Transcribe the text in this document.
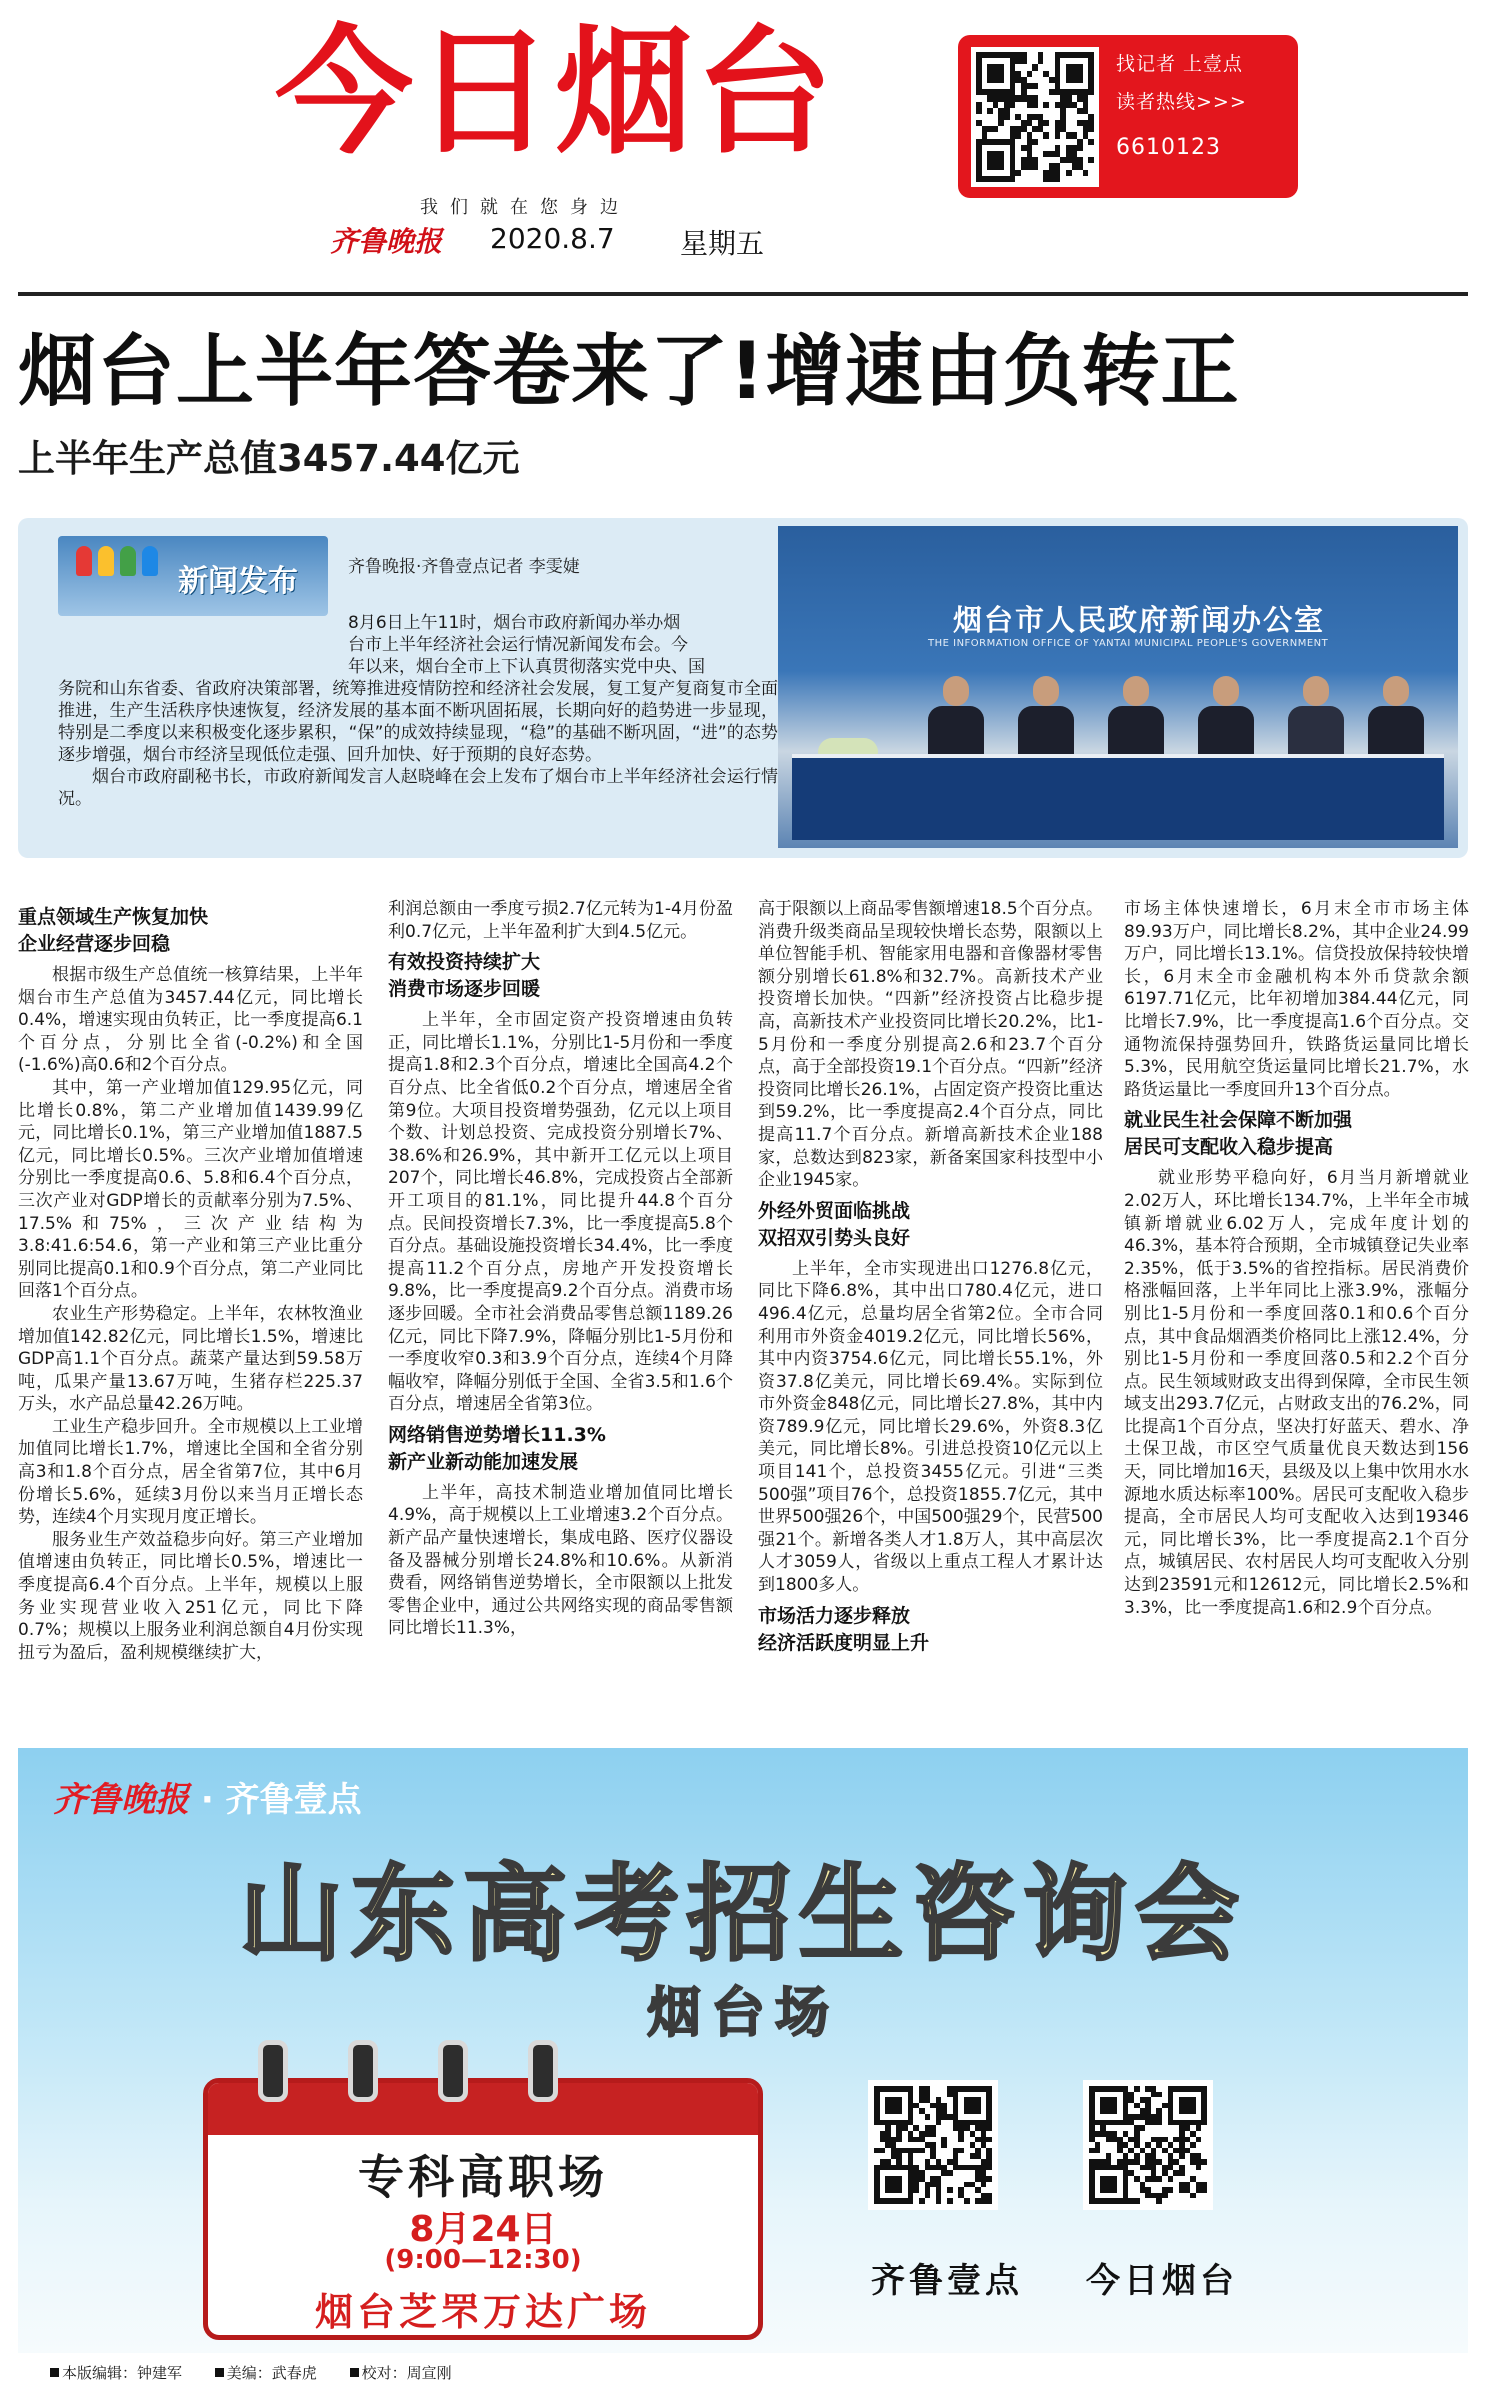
今日烟台
我们就在您身边
齐鲁晚报 2020.8.7 星期五
找记者 上壹点
读者热线>>>
6610123
烟台上半年答卷来了!增速由负转正
上半年生产总值3457.44亿元
新闻发布	齐鲁晚报·齐鲁壹点记者 李雯婕
8月6日上午11时，烟台市政府新闻办举办烟
台市上半年经济社会运行情况新闻发布会。今
年以来，烟台全市上下认真贯彻落实党中央、国
务院和山东省委、省政府决策部署，统筹推进疫情防控和经济社会发展，复工复产复商复市全面推进，生产生活秩序快速恢复，经济发展的基本面不断巩固拓展，长期向好的趋势进一步显现，特别是二季度以来积极变化逐步累积，“保”的成效持续显现，“稳”的基础不断巩固，“进”的态势逐步增强，烟台市经济呈现低位走强、回升加快、好于预期的良好态势。

烟台市政府副秘书长，市政府新闻发言人赵晓峰在会上发布了烟台市上半年经济社会运行情况。

烟台市人民政府新闻办公室
THE INFORMATION OFFICE OF YANTAI MUNICIPAL PEOPLE'S GOVERNMENT
重点领域生产恢复加快
企业经营逐步回稳

根据市级生产总值统一核算结果，上半年烟台市生产总值为3457.44亿元，同比增长0.4%，增速实现由负转正，比一季度提高6.1个百分点，分别比全省(-0.2%)和全国(-1.6%)高0.6和2个百分点。

其中，第一产业增加值129.95亿元，同比增长0.8%，第二产业增加值1439.99亿元，同比增长0.1%，第三产业增加值1887.5亿元，同比增长0.5%。三次产业增加值增速分别比一季度提高0.6、5.8和6.4个百分点，三次产业对GDP增长的贡献率分别为7.5%、17.5%和75%，三次产业结构为3.8:41.6:54.6，第一产业和第三产业比重分别同比提高0.1和0.9个百分点，第二产业同比回落1个百分点。

农业生产形势稳定。上半年，农林牧渔业增加值142.82亿元，同比增长1.5%，增速比GDP高1.1个百分点。蔬菜产量达到59.58万吨，瓜果产量13.67万吨，生猪存栏225.37万头，水产品总量42.26万吨。

工业生产稳步回升。全市规模以上工业增加值同比增长1.7%，增速比全国和全省分别高3和1.8个百分点，居全省第7位，其中6月份增长5.6%，延续3月份以来当月正增长态势，连续4个月实现月度正增长。

服务业生产效益稳步向好。第三产业增加值增速由负转正，同比增长0.5%，增速比一季度提高6.4个百分点。上半年，规模以上服务业实现营业收入251亿元，同比下降0.7%；规模以上服务业利润总额自4月份实现扭亏为盈后，盈利规模继续扩大，

利润总额由一季度亏损2.7亿元转为1-4月份盈利0.7亿元，上半年盈利扩大到4.5亿元。

有效投资持续扩大
消费市场逐步回暖

上半年，全市固定资产投资增速由负转正，同比增长1.1%，分别比1-5月份和一季度提高1.8和2.3个百分点，增速比全国高4.2个百分点、比全省低0.2个百分点，增速居全省第9位。大项目投资增势强劲，亿元以上项目个数、计划总投资、完成投资分别增长7%、38.6%和26.9%，其中新开工亿元以上项目207个，同比增长46.8%，完成投资占全部新开工项目的81.1%，同比提升44.8个百分点。民间投资增长7.3%，比一季度提高5.8个百分点。基础设施投资增长34.4%，比一季度提高11.2个百分点，房地产开发投资增长9.8%，比一季度提高9.2个百分点。消费市场逐步回暖。全市社会消费品零售总额1189.26亿元，同比下降7.9%，降幅分别比1-5月份和一季度收窄0.3和3.9个百分点，连续4个月降幅收窄，降幅分别低于全国、全省3.5和1.6个百分点，增速居全省第3位。

网络销售逆势增长11.3%
新产业新动能加速发展

上半年，高技术制造业增加值同比增长4.9%，高于规模以上工业增速3.2个百分点。新产品产量快速增长，集成电路、医疗仪器设备及器械分别增长24.8%和10.6%。从新消费看，网络销售逆势增长，全市限额以上批发零售企业中，通过公共网络实现的商品零售额同比增长11.3%，

高于限额以上商品零售额增速18.5个百分点。消费升级类商品呈现较快增长态势，限额以上单位智能手机、智能家用电器和音像器材零售额分别增长61.8%和32.7%。高新技术产业投资增长加快。“四新”经济投资占比稳步提高，高新技术产业投资同比增长20.2%，比1-5月份和一季度分别提高2.6和23.7个百分点，高于全部投资19.1个百分点。“四新”经济投资同比增长26.1%，占固定资产投资比重达到59.2%，比一季度提高2.4个百分点，同比提高11.7个百分点。新增高新技术企业188家，总数达到823家，新备案国家科技型中小企业1945家。

外经外贸面临挑战
双招双引势头良好

上半年，全市实现进出口1276.8亿元，同比下降6.8%，其中出口780.4亿元，进口496.4亿元，总量均居全省第2位。全市合同利用市外资金4019.2亿元，同比增长56%，其中内资3754.6亿元，同比增长55.1%，外资37.8亿美元，同比增长69.4%。实际到位市外资金848亿元，同比增长27.8%，其中内资789.9亿元，同比增长29.6%，外资8.3亿美元，同比增长8%。引进总投资10亿元以上项目141个，总投资3455亿元。引进“三类500强”项目76个，总投资1855.7亿元，其中世界500强26个，中国500强29个，民营500强21个。新增各类人才1.8万人，其中高层次人才3059人，省级以上重点工程人才累计达到1800多人。

市场活力逐步释放
经济活跃度明显上升

市场主体快速增长，6月末全市市场主体89.93万户，同比增长8.2%，其中企业24.99万户，同比增长13.1%。信贷投放保持较快增长，6月末全市金融机构本外币贷款余额6197.71亿元，比年初增加384.44亿元，同比增长7.9%，比一季度提高1.6个百分点。交通物流保持强势回升，铁路货运量同比增长5.3%，民用航空货运量同比增长21.7%，水路货运量比一季度回升13个百分点。

就业民生社会保障不断加强
居民可支配收入稳步提高

就业形势平稳向好，6月当月新增就业2.02万人，环比增长134.7%，上半年全市城镇新增就业6.02万人，完成年度计划的46.3%，基本符合预期，全市城镇登记失业率2.35%，低于3.5%的省控指标。居民消费价格涨幅回落，上半年同比上涨3.9%，涨幅分别比1-5月份和一季度回落0.1和0.6个百分点，其中食品烟酒类价格同比上涨12.4%，分别比1-5月份和一季度回落0.5和2.2个百分点。民生领域财政支出得到保障，全市民生领域支出293.7亿元，占财政支出的76.2%，同比提高1个百分点，坚决打好蓝天、碧水、净土保卫战，市区空气质量优良天数达到156天，同比增加16天，县级及以上集中饮用水水源地水质达标率100%。居民可支配收入稳步提高，全市居民人均可支配收入达到19346元，同比增长3%，比一季度提高2.1个百分点，城镇居民、农村居民人均可支配收入分别达到23591元和12612元，同比增长2.5%和3.3%，比一季度提高1.6和2.9个百分点。

齐鲁晚报 · 齐鲁壹点
山东高考招生咨询会
烟台场
专科高职场
8月24日
(9:00—12:30)
烟台芝罘万达广场
齐鲁壹点 今日烟台
本版编辑：钟建军	美编：武春虎	校对：周宣刚
